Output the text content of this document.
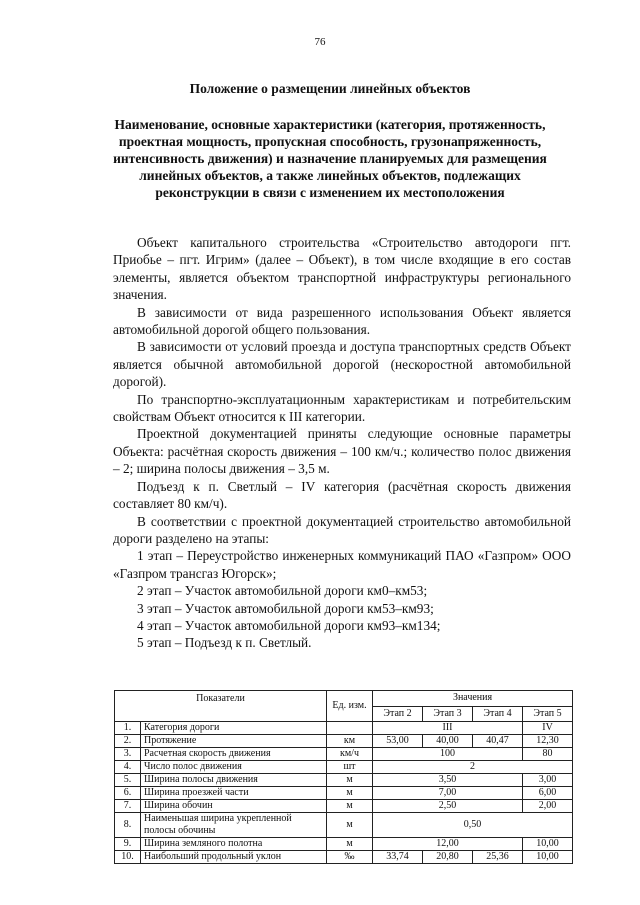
76
Положение о размещении линейных объектов
Наименование, основные характеристики (категория, протяженность, проектная мощность, пропускная способность, грузонапряженность, интенсивность движения) и назначение планируемых для размещения линейных объектов, а также линейных объектов, подлежащих реконструкции в связи с изменением их местоположения

Объект капитального строительства «Строительство автодороги пгт. Приобье – пгт. Игрим» (далее – Объект), в том числе входящие в его состав элементы, является объектом транспортной инфраструктуры регионального значения.

В зависимости от вида разрешенного использования Объект является автомобильной дорогой общего пользования.

В зависимости от условий проезда и доступа транспортных средств Объект является обычной автомобильной дорогой (нескоростной автомобильной дорогой).

По транспортно-эксплуатационным характеристикам и потребительским свойствам Объект относится к III категории.

Проектной документацией приняты следующие основные параметры Объекта: расчётная скорость движения – 100 км/ч.; количество полос движения – 2; ширина полосы движения – 3,5 м.

Подъезд к п. Светлый – IV категория (расчётная скорость движения составляет 80 км/ч).

В соответствии с проектной документацией строительство автомобильной дороги разделено на этапы:

1 этап – Переустройство инженерных коммуникаций ПАО «Газпром» ООО «Газпром трансгаз Югорск»;

2 этап – Участок автомобильной дороги км0–км53;

3 этап – Участок автомобильной дороги км53–км93;

4 этап – Участок автомобильной дороги км93–км134;

5 этап – Подъезд к п. Светлый.

Показатели		Ед. изм.	Значения			
			Этап 2	Этап 3	Этап 4	Этап 5
1.	Категория дороги		III			IV
2.	Протяжение	км	53,00	40,00	40,47	12,30
3.	Расчетная скорость движения	км/ч	100			80
4.	Число полос движения	шт	2			
5.	Ширина полосы движения	м	3,50			3,00
6.	Ширина проезжей части	м	7,00			6,00
7.	Ширина обочин	м	2,50			2,00
8.	Наименьшая ширина укрепленной полосы обочины	м	0,50			
9.	Ширина земляного полотна	м	12,00			10,00
10.	Наибольший продольный уклон	‰	33,74	20,80	25,36	10,00
